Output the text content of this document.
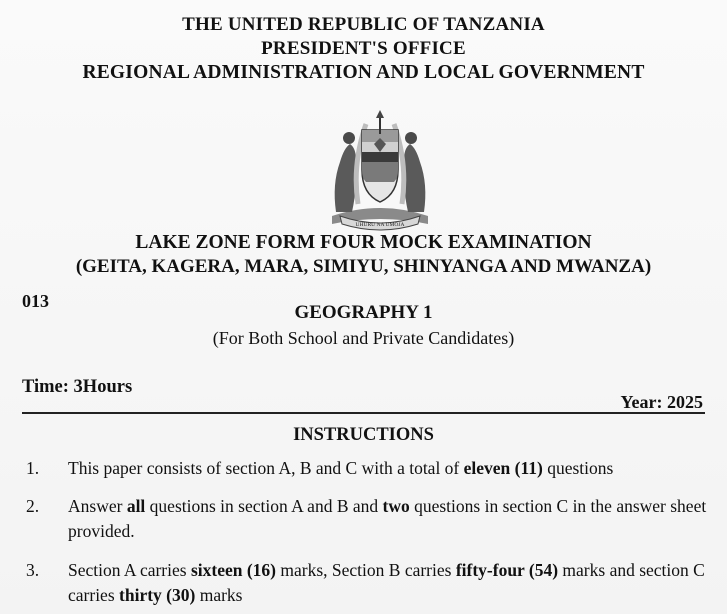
THE UNITED REPUBLIC OF TANZANIA
PRESIDENT'S OFFICE
REGIONAL ADMINISTRATION AND LOCAL GOVERNMENT
UHURU NA UMOJA
LAKE ZONE FORM FOUR MOCK EXAMINATION
(GEITA, KAGERA, MARA, SIMIYU, SHINYANGA AND MWANZA)
013
GEOGRAPHY 1
(For Both School and Private Candidates)
Time: 3Hours
Year: 2025
INSTRUCTIONS
1. This paper consists of section A, B and C with a total of eleven (11) questions
2. Answer all questions in section A and B and two questions in section C in the answer sheet provided.
3. Section A carries sixteen (16) marks, Section B carries fifty-four (54) marks and section C carries thirty (30) marks
